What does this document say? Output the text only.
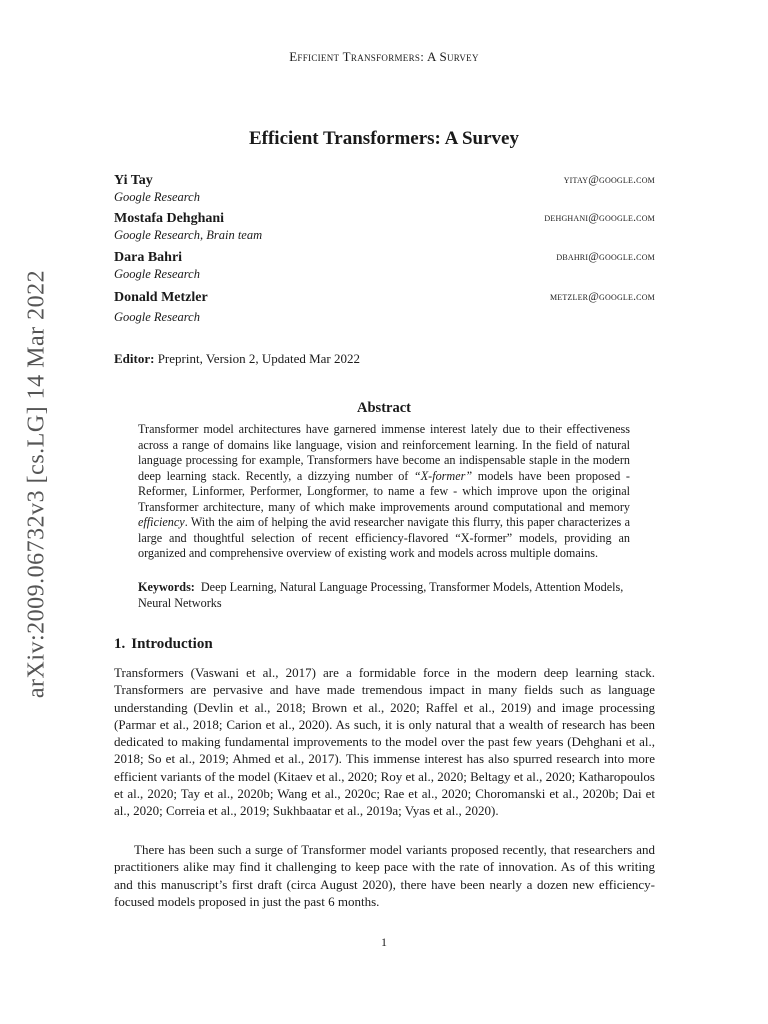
Efficient Transformers: A Survey
arXiv:2009.06732v3 [cs.LG] 14 Mar 2022
Efficient Transformers: A Survey
Yi Tay
Google Research
yitay@google.com
Mostafa Dehghani
Google Research, Brain team
dehghani@google.com
Dara Bahri
Google Research
dbahri@google.com
Donald Metzler
Google Research
metzler@google.com
Editor: Preprint, Version 2, Updated Mar 2022
Abstract
Transformer model architectures have garnered immense interest lately due to their effectiveness across a range of domains like language, vision and reinforcement learning. In the field of natural language processing for example, Transformers have become an indispensable staple in the modern deep learning stack. Recently, a dizzying number of “X-former” models have been proposed - Reformer, Linformer, Performer, Longformer, to name a few - which improve upon the original Transformer architecture, many of which make improvements around computational and memory efficiency. With the aim of helping the avid researcher navigate this flurry, this paper characterizes a large and thoughtful selection of recent efficiency-flavored “X-former” models, providing an organized and comprehensive overview of existing work and models across multiple domains.
Keywords: Deep Learning, Natural Language Processing, Transformer Models, Attention Models, Neural Networks
1. Introduction
Transformers (Vaswani et al., 2017) are a formidable force in the modern deep learning stack. Transformers are pervasive and have made tremendous impact in many fields such as language understanding (Devlin et al., 2018; Brown et al., 2020; Raffel et al., 2019) and image processing (Parmar et al., 2018; Carion et al., 2020). As such, it is only natural that a wealth of research has been dedicated to making fundamental improvements to the model over the past few years (Dehghani et al., 2018; So et al., 2019; Ahmed et al., 2017). This immense interest has also spurred research into more efficient variants of the model (Kitaev et al., 2020; Roy et al., 2020; Beltagy et al., 2020; Katharopoulos et al., 2020; Tay et al., 2020b; Wang et al., 2020c; Rae et al., 2020; Choromanski et al., 2020b; Dai et al., 2020; Correia et al., 2019; Sukhbaatar et al., 2019a; Vyas et al., 2020).
There has been such a surge of Transformer model variants proposed recently, that researchers and practitioners alike may find it challenging to keep pace with the rate of innovation. As of this writing and this manuscript’s first draft (circa August 2020), there have been nearly a dozen new efficiency-focused models proposed in just the past 6 months.
1
